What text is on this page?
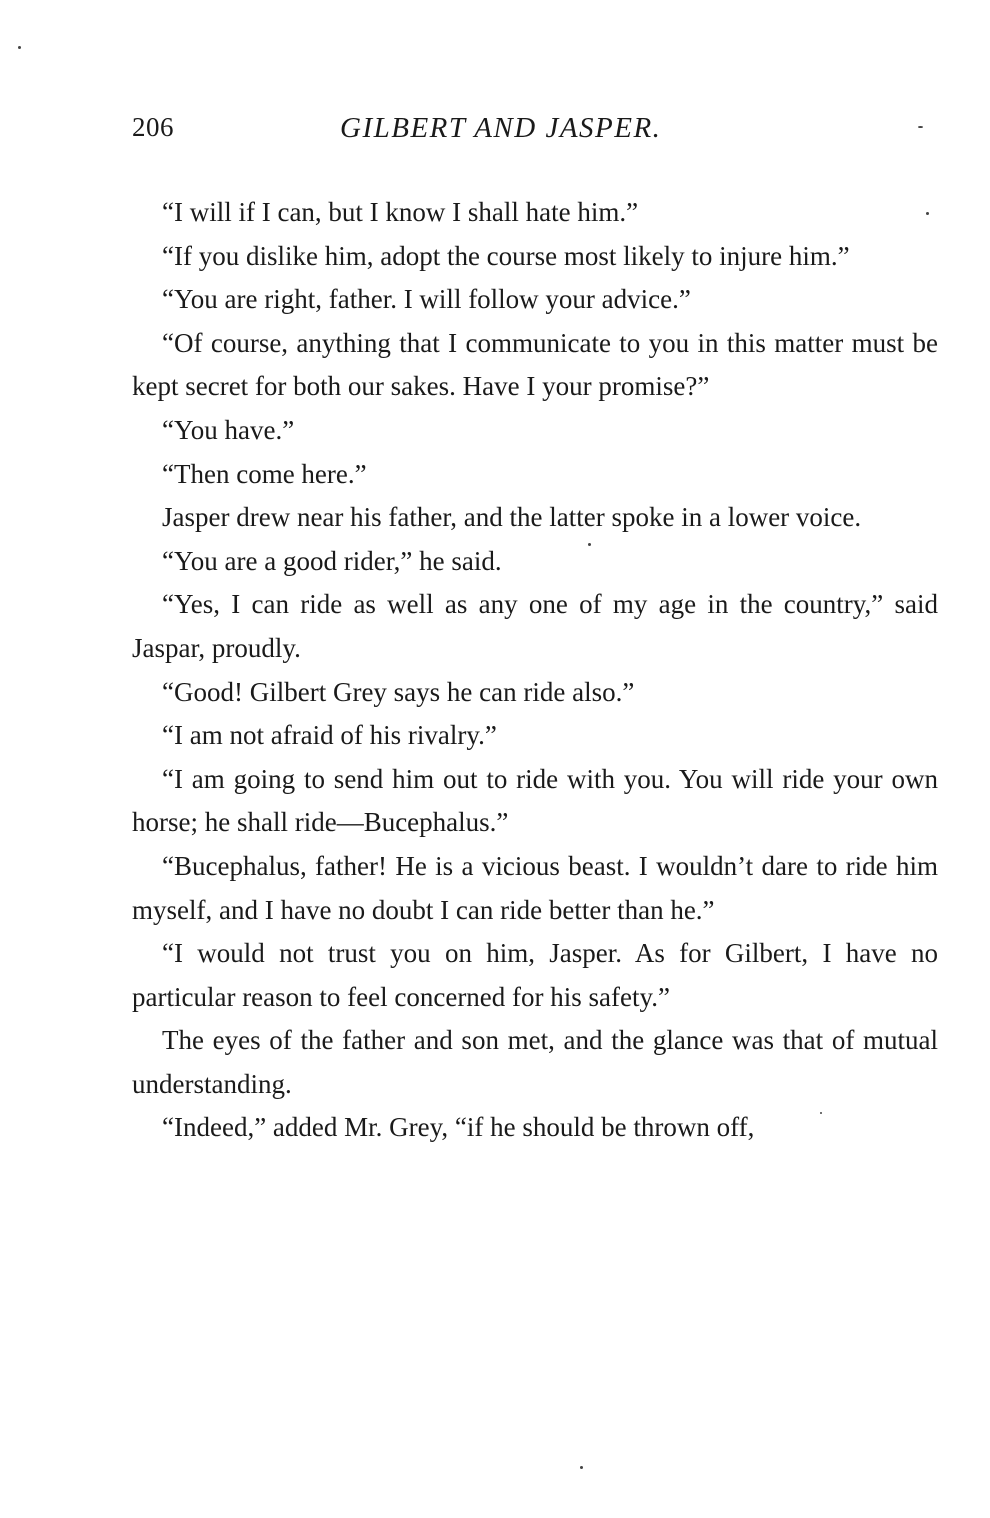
206	GILBERT AND JASPER.

“I will if I can, but I know I shall hate him.”

“If you dislike him, adopt the course most likely to injure him.”

“You are right, father. I will follow your advice.”

“Of course, anything that I communicate to you in this matter must be kept secret for both our sakes. Have I your promise?”

“You have.”

“Then come here.”

Jasper drew near his father, and the latter spoke in a lower voice.

“You are a good rider,” he said.

“Yes, I can ride as well as any one of my age in the country,” said Jaspar, proudly.

“Good! Gilbert Grey says he can ride also.”

“I am not afraid of his rivalry.”

“I am going to send him out to ride with you. You will ride your own horse; he shall ride—Bucephalus.”

“Bucephalus, father! He is a vicious beast. I wouldn’t dare to ride him myself, and I have no doubt I can ride better than he.”

“I would not trust you on him, Jasper. As for Gilbert, I have no particular reason to feel concerned for his safety.”

The eyes of the father and son met, and the glance was that of mutual understanding.

“Indeed,” added Mr. Grey, “if he should be thrown off,
